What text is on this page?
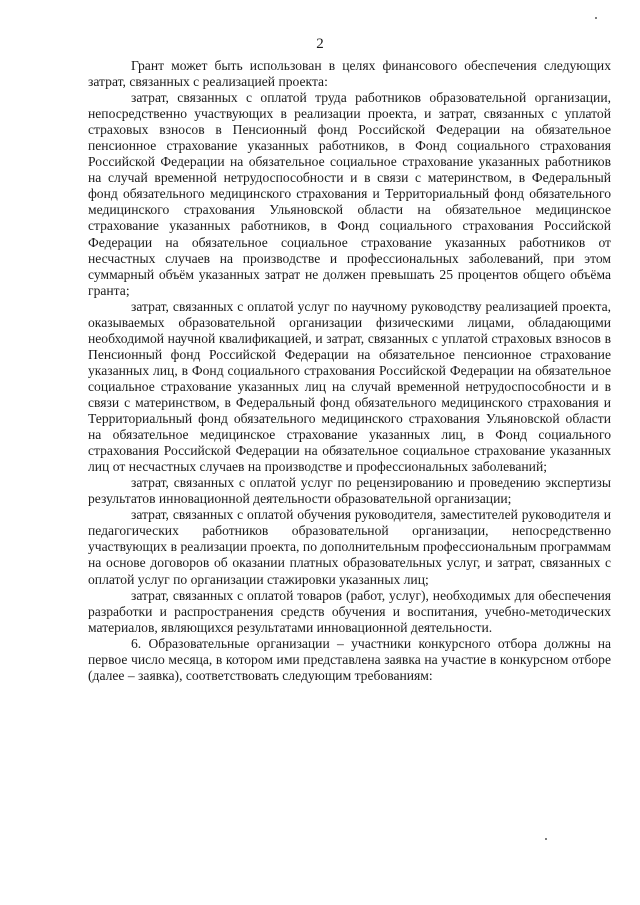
2

Грант может быть использован в целях финансового обеспечения следующих затрат, связанных с реализацией проекта:

затрат, связанных с оплатой труда работников образовательной организации, непосредственно участвующих в реализации проекта, и затрат, связанных с уплатой страховых взносов в Пенсионный фонд Российской Федерации на обязательное пенсионное страхование указанных работников, в Фонд социального страхования Российской Федерации на обязательное социальное страхование указанных работников на случай временной нетрудоспособности и в связи с материнством, в Федеральный фонд обязательного медицинского страхования и Территориальный фонд обязательного медицинского страхования Ульяновской области на обязательное медицинское страхование указанных работников, в Фонд социального страхования Российской Федерации на обязательное социальное страхование указанных работников от несчастных случаев на производстве и профессиональных заболеваний, при этом суммарный объём указанных затрат не должен превышать 25 процентов общего объёма гранта;

затрат, связанных с оплатой услуг по научному руководству реализацией проекта, оказываемых образовательной организации физическими лицами, обладающими необходимой научной квалификацией, и затрат, связанных с уплатой страховых взносов в Пенсионный фонд Российской Федерации на обязательное пенсионное страхование указанных лиц, в Фонд социального страхования Российской Федерации на обязательное социальное страхование указанных лиц на случай временной нетрудоспособности и в связи с материнством, в Федеральный фонд обязательного медицинского страхования и Территориальный фонд обязательного медицинского страхования Ульяновской области на обязательное медицинское страхование указанных лиц, в Фонд социального страхования Российской Федерации на обязательное социальное страхование указанных лиц от несчастных случаев на производстве и профессиональных заболеваний;

затрат, связанных с оплатой услуг по рецензированию и проведению экспертизы результатов инновационной деятельности образовательной организации;

затрат, связанных с оплатой обучения руководителя, заместителей руководителя и педагогических работников образовательной организации, непосредственно участвующих в реализации проекта, по дополнительным профессиональным программам на основе договоров об оказании платных образовательных услуг, и затрат, связанных с оплатой услуг по организации стажировки указанных лиц;

затрат, связанных с оплатой товаров (работ, услуг), необходимых для обеспечения разработки и распространения средств обучения и воспитания, учебно-методических материалов, являющихся результатами инновационной деятельности.

6. Образовательные организации – участники конкурсного отбора должны на первое число месяца, в котором ими представлена заявка на участие в конкурсном отборе (далее – заявка), соответствовать следующим требованиям:
